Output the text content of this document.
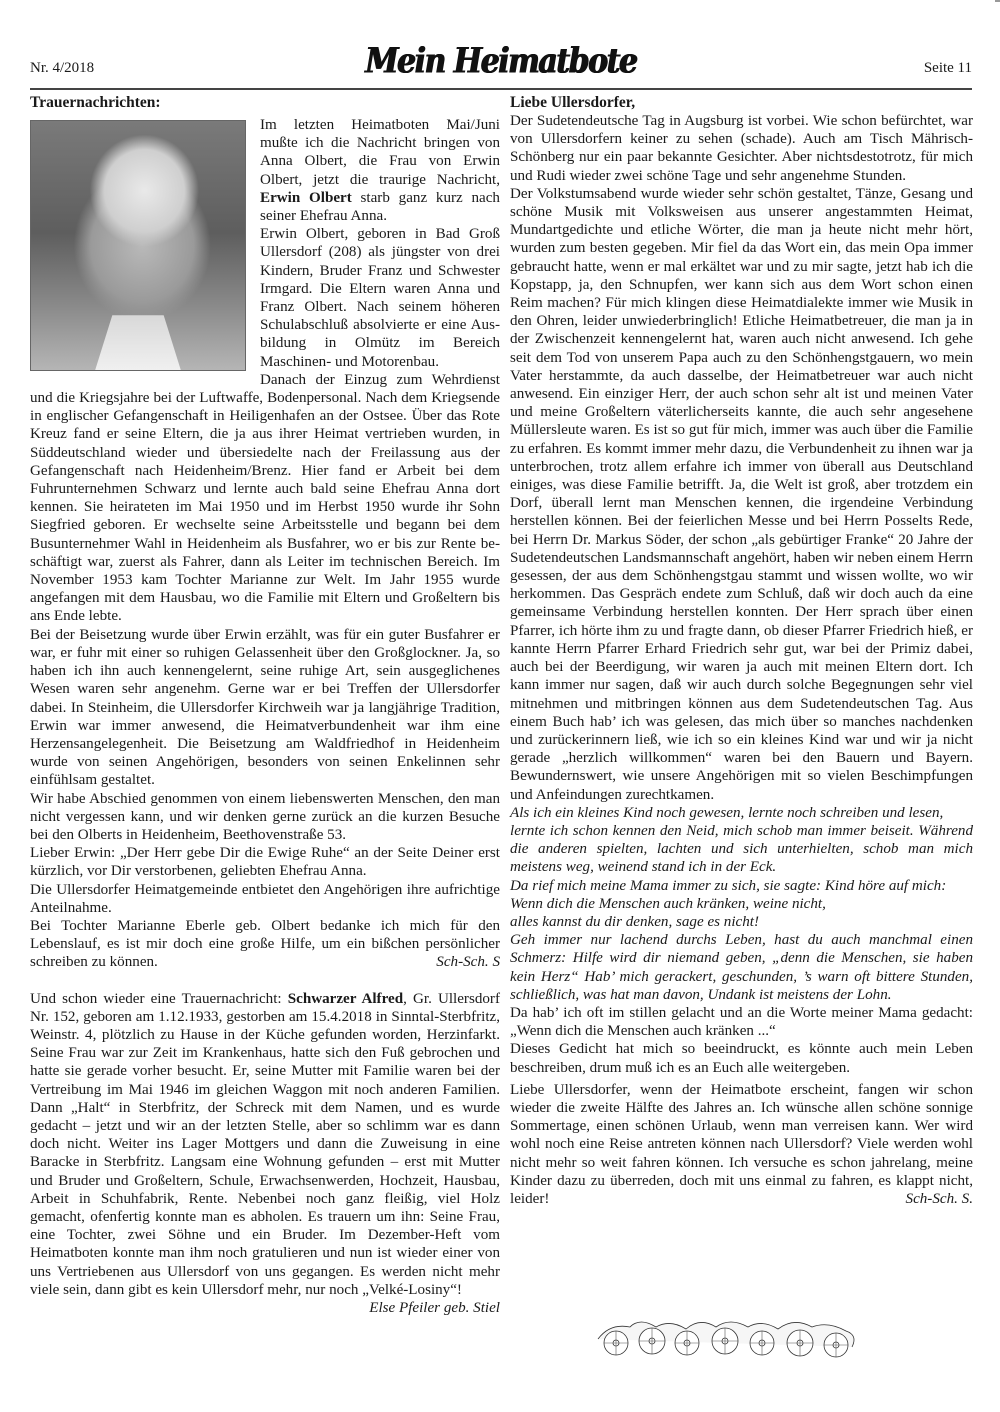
Nr. 4/2018	Mein Heimatbote	Seite 11
Trauernachrichten:

Im letzten Heimatboten Mai/Juni mußte ich die Nachricht bringen von Anna Olbert, die Frau von Erwin Olbert, jetzt die traurige Nachricht, Erwin Olbert starb ganz kurz nach seiner Ehefrau Anna.

Erwin Olbert, geboren in Bad Groß Ullersdorf (208) als jüngster von drei Kindern, Bruder Franz und Schwester Irmgard. Die Eltern waren Anna und Franz Olbert. Nach seinem höheren Schulabschluß absolvierte er eine Ausbildung in Olmütz im Bereich Maschinen- und Motorenbau.

Danach der Einzug zum Wehrdienst und die Kriegsjahre bei der Luftwaffe, Bodenpersonal. Nach dem Kriegsende in englischer Gefangenschaft in Heiligenhafen an der Ostsee. Über das Rote Kreuz fand er seine Eltern, die ja aus ihrer Heimat vertrieben wurden, in Süddeutschland wieder und übersiedelte nach der Freilassung aus der Gefangenschaft nach Heidenheim/Brenz. Hier fand er Arbeit bei dem Fuhrunternehmen Schwarz und lernte auch bald seine Ehefrau Anna dort kennen. Sie heirateten im Mai 1950 und im Herbst 1950 wurde ihr Sohn Siegfried geboren. Er wechselte seine Arbeitsstelle und begann bei dem Busunternehmer Wahl in Heidenheim als Busfahrer, wo er bis zur Rente beschäftigt war, zuerst als Fahrer, dann als Leiter im technischen Bereich. Im November 1953 kam Tochter Marianne zur Welt. Im Jahr 1955 wurde angefangen mit dem Hausbau, wo die Familie mit Eltern und Großeltern bis ans Ende lebte.

Bei der Beisetzung wurde über Erwin erzählt, was für ein guter Busfahrer er war, er fuhr mit einer so ruhigen Gelassenheit über den Großglockner. Ja, so haben ich ihn auch kennengelernt, seine ruhige Art, sein ausgeglichenes Wesen waren sehr angenehm. Gerne war er bei Treffen der Ullersdorfer dabei. In Steinheim, die Ullersdorfer Kirchweih war ja langjährige Tradition, Erwin war immer anwesend, die Heimatverbundenheit war ihm eine Herzensangelegenheit. Die Beisetzung am Waldfriedhof in Heidenheim wurde von seinen Angehörigen, besonders von seinen Enkelinnen sehr einfühlsam gestaltet.

Wir habe Abschied genommen von einem liebenswerten Menschen, den man nicht vergessen kann, und wir denken gerne zurück an die kurzen Besuche bei den Olberts in Heidenheim, Beethovenstraße 53.

Lieber Erwin: „Der Herr gebe Dir die Ewige Ruhe“ an der Seite Deiner erst kürzlich, vor Dir verstorbenen, geliebten Ehefrau Anna.

Die Ullersdorfer Heimatgemeinde entbietet den Angehörigen ihre aufrichtige Anteilnahme.

Bei Tochter Marianne Eberle geb. Olbert bedanke ich mich für den Lebenslauf, es ist mir doch eine große Hilfe, um ein bißchen persönlicher schreiben zu können.	Sch-Sch. S

Und schon wieder eine Trauernachricht: Schwarzer Alfred, Gr. Ullersdorf Nr. 152, geboren am 1.12.1933, gestorben am 15.4.2018 in Sinntal-Sterbfritz, Weinstr. 4, plötzlich zu Hause in der Küche gefunden worden, Herzinfarkt. Seine Frau war zur Zeit im Krankenhaus, hatte sich den Fuß gebrochen und hatte sie gerade vorher besucht. Er, seine Mutter mit Familie waren bei der Vertreibung im Mai 1946 im gleichen Waggon mit noch anderen Familien. Dann „Halt“ in Sterbfritz, der Schreck mit dem Namen, und es wurde gedacht – jetzt und wir an der letzten Stelle, aber so schlimm war es dann doch nicht. Weiter ins Lager Mottgers und dann die Zuweisung in eine Baracke in Sterbfritz. Langsam eine Wohnung gefunden – erst mit Mutter und Bruder und Großeltern, Schule, Erwachsenwerden, Hochzeit, Hausbau, Arbeit in Schuhfabrik, Rente. Nebenbei noch ganz fleißig, viel Holz gemacht, ofenfertig konnte man es abholen. Es trauern um ihn: Seine Frau, eine Tochter, zwei Söhne und ein Bruder. Im Dezember-Heft vom Heimatboten konnte man ihm noch gratulieren und nun ist wieder einer von uns Vertriebenen aus Ullersdorf von uns gegangen. Es werden nicht mehr viele sein, dann gibt es kein Ullersdorf mehr, nur noch „Velké-Losiny“!

Else Pfeiler geb. Stiel
Liebe Ullersdorfer,

Der Sudetendeutsche Tag in Augsburg ist vorbei. Wie schon befürchtet, war von Ullersdorfern keiner zu sehen (schade). Auch am Tisch Mährisch-Schönberg nur ein paar bekannte Gesichter. Aber nichtsdestotrotz, für mich und Rudi wieder zwei schöne Tage und sehr angenehme Stunden.

Der Volkstumsabend wurde wieder sehr schön gestaltet, Tänze, Gesang und schöne Musik mit Volksweisen aus unserer angestammten Heimat, Mundartgedichte und etliche Wörter, die man ja heute nicht mehr hört, wurden zum besten gegeben. Mir fiel da das Wort ein, das mein Opa immer gebraucht hatte, wenn er mal erkältet war und zu mir sagte, jetzt hab ich die Kopstapp, ja, den Schnupfen, wer kann sich aus dem Wort schon einen Reim machen? Für mich klingen diese Heimatdialekte immer wie Musik in den Ohren, leider unwiederbringlich! Etliche Heimatbetreuer, die man ja in der Zwischenzeit kennengelernt hat, waren auch nicht anwesend. Ich gehe seit dem Tod von unserem Papa auch zu den Schönhengstgauern, wo mein Vater herstammte, da auch dasselbe, der Heimatbetreuer war auch nicht anwesend. Ein einziger Herr, der auch schon sehr alt ist und meinen Vater und meine Großeltern väterlicherseits kannte, die auch sehr angesehene Müllersleute waren. Es ist so gut für mich, immer was auch über die Familie zu erfahren. Es kommt immer mehr dazu, die Verbundenheit zu ihnen war ja unterbrochen, trotz allem erfahre ich immer von überall aus Deutschland einiges, was diese Familie betrifft. Ja, die Welt ist groß, aber trotzdem ein Dorf, überall lernt man Menschen kennen, die irgendeine Verbindung herstellen können. Bei der feierlichen Messe und bei Herrn Posselts Rede, bei Herrn Dr. Markus Söder, der schon „als gebürtiger Franke“ 20 Jahre der Sudetendeutschen Landsmannschaft angehört, haben wir neben einem Herrn gesessen, der aus dem Schönhengstgau stammt und wissen wollte, wo wir herkommen. Das Gespräch endete zum Schluß, daß wir doch auch da eine gemeinsame Verbindung herstellen konnten. Der Herr sprach über einen Pfarrer, ich hörte ihm zu und fragte dann, ob dieser Pfarrer Friedrich hieß, er kannte Herrn Pfarrer Erhard Friedrich sehr gut, war bei der Primiz dabei, auch bei der Beerdigung, wir waren ja auch mit meinen Eltern dort. Ich kann immer nur sagen, daß wir auch durch solche Begegnungen sehr viel mitnehmen und mitbringen können aus dem Sudetendeutschen Tag. Aus einem Buch hab’ ich was gelesen, das mich über so manches nachdenken und zurückerinnern ließ, wie ich so ein kleines Kind war und wir ja nicht gerade „herzlich willkommen“ waren bei den Bauern und Bayern. Bewundernswert, wie unsere Angehörigen mit so vielen Beschimpfungen und Anfeindungen zurechtkamen.

Als ich ein kleines Kind noch gewesen, lernte noch schreiben und lesen,

lernte ich schon kennen den Neid, mich schob man immer beiseit. Während die anderen spielten, lachten und sich unterhielten, schob man mich meistens weg, weinend stand ich in der Eck.

Da rief mich meine Mama immer zu sich, sie sagte: Kind höre auf mich: Wenn dich die Menschen auch kränken, weine nicht,

alles kannst du dir denken, sage es nicht!

Geh immer nur lachend durchs Leben, hast du auch manchmal einen Schmerz: Hilfe wird dir niemand geben, „denn die Menschen, sie haben kein Herz“ Hab’ mich gerackert, geschunden, ’s warn oft bittere Stunden, schließlich, was hat man davon, Undank ist meistens der Lohn.

Da hab’ ich oft im stillen gelacht und an die Worte meiner Mama gedacht: „Wenn dich die Menschen auch kränken ...“

Dieses Gedicht hat mich so beeindruckt, es könnte auch mein Leben beschreiben, drum muß ich es an Euch alle weitergeben.

Liebe Ullersdorfer, wenn der Heimatbote erscheint, fangen wir schon wieder die zweite Hälfte des Jahres an. Ich wünsche allen schöne sonnige Sommertage, einen schönen Urlaub, wenn man verreisen kann. Wer wird wohl noch eine Reise antreten können nach Ullersdorf? Viele werden wohl nicht mehr so weit fahren können. Ich versuche es schon jahrelang, meine Kinder dazu zu überreden, doch mit uns einmal zu fahren, es klappt nicht, leider!	Sch-Sch. S.
